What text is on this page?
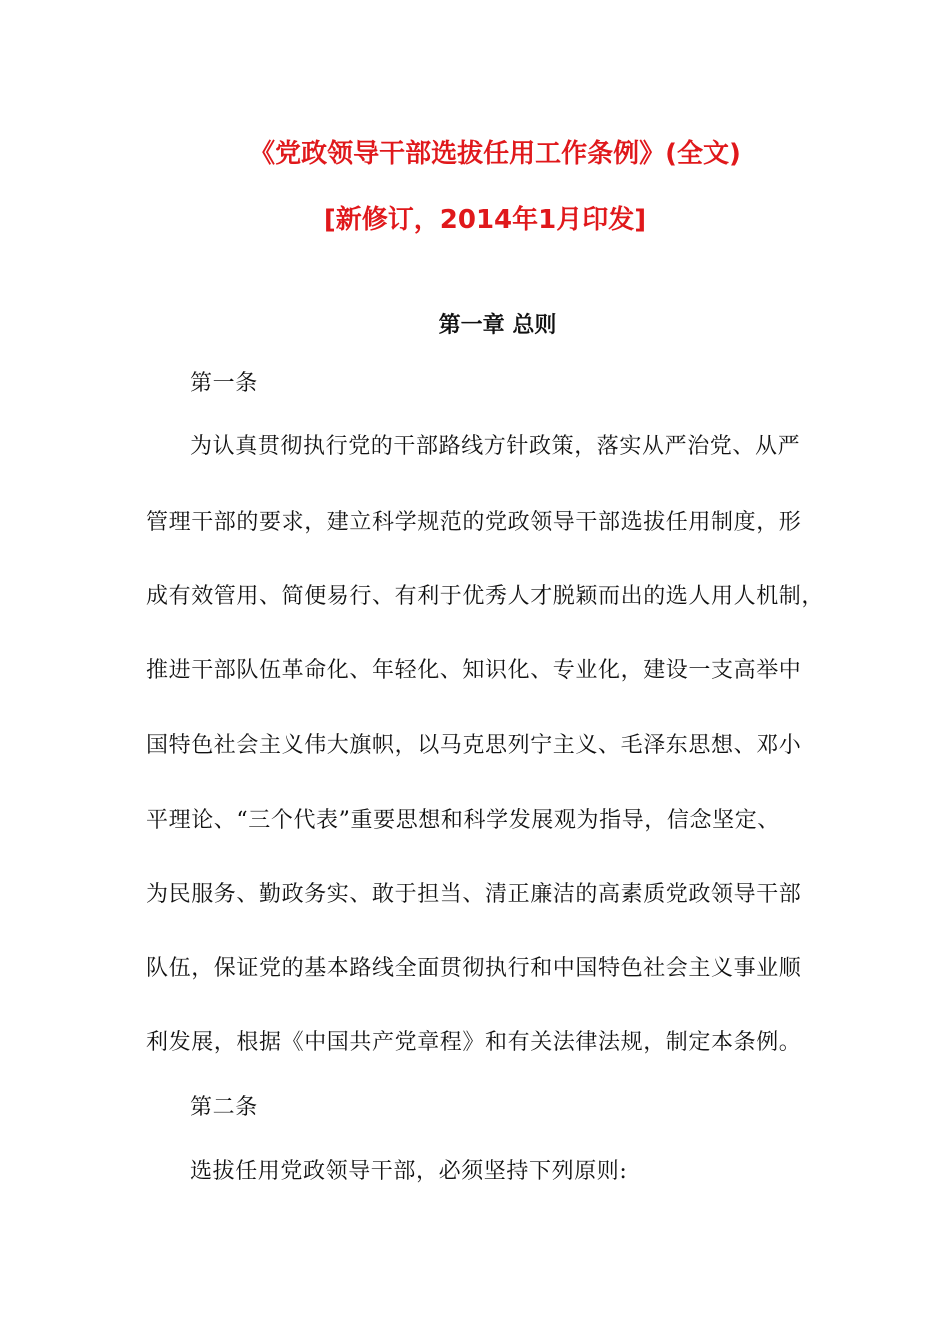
《党政领导干部选拔任用工作条例》(全文)
[新修订，2014年1月印发]
第一章 总则
第一条
为认真贯彻执行党的干部路线方针政策，落实从严治党、从严
管理干部的要求，建立科学规范的党政领导干部选拔任用制度，形
成有效管用、简便易行、有利于优秀人才脱颖而出的选人用人机制，
推进干部队伍革命化、年轻化、知识化、专业化，建设一支高举中
国特色社会主义伟大旗帜，以马克思列宁主义、毛泽东思想、邓小
平理论、“三个代表”重要思想和科学发展观为指导，信念坚定、
为民服务、勤政务实、敢于担当、清正廉洁的高素质党政领导干部
队伍，保证党的基本路线全面贯彻执行和中国特色社会主义事业顺
利发展，根据《中国共产党章程》和有关法律法规，制定本条例。
第二条
选拔任用党政领导干部，必须坚持下列原则:
